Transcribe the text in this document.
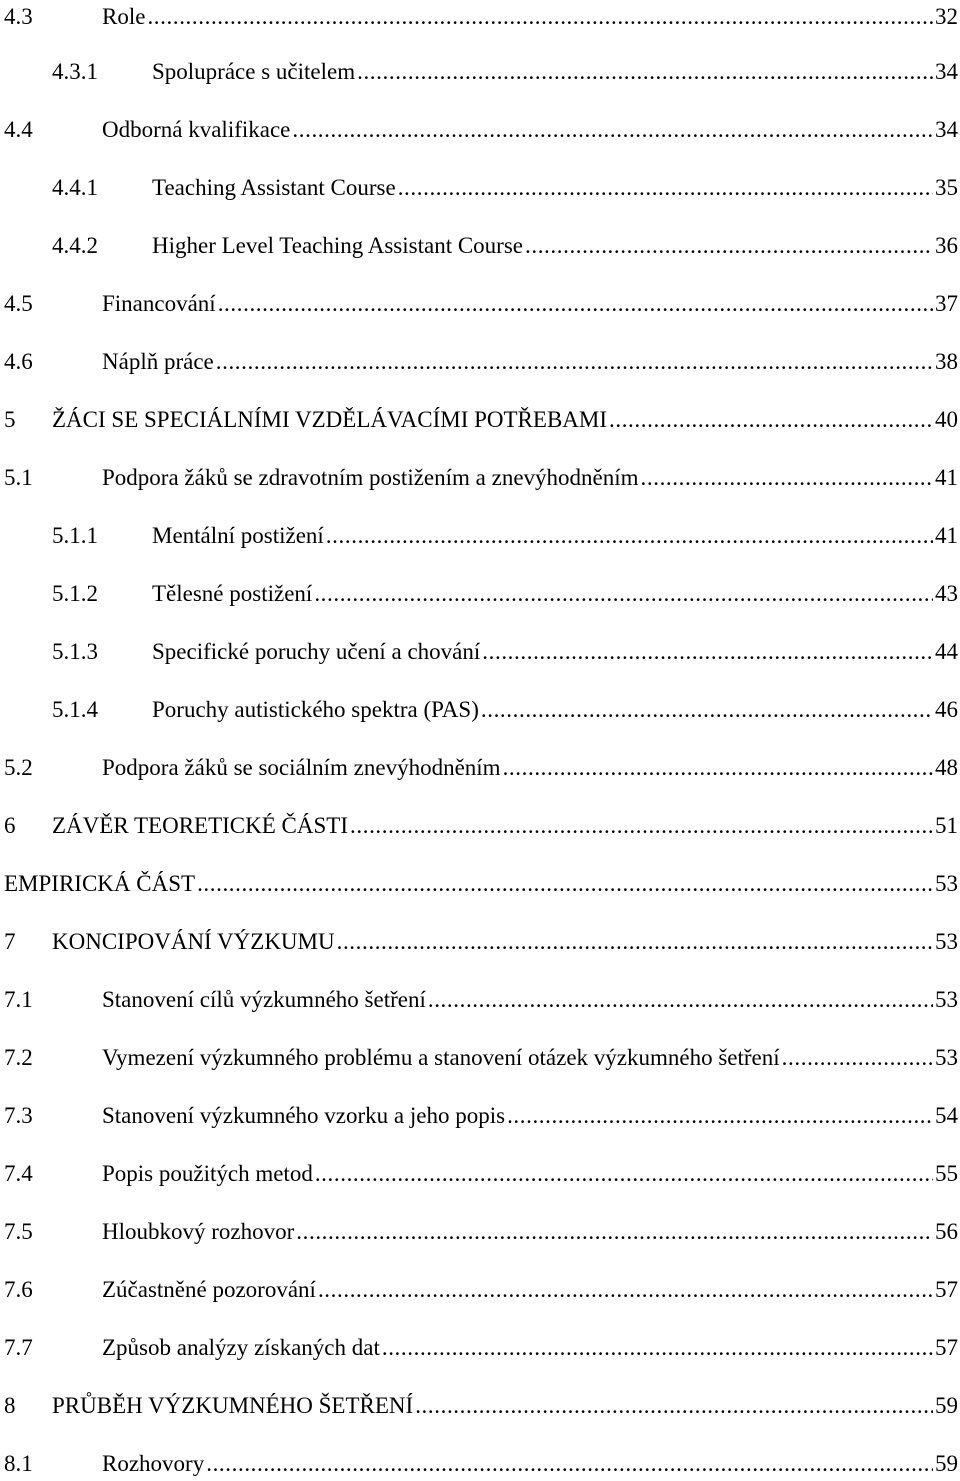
4.3	Role .....	32
4.3.1 Spolupráce s učitelem .....	34
4.4	Odborná kvalifikace .....	34
4.4.1 Teaching Assistant Course .....	35
4.4.2 Higher Level Teaching Assistant Course .....	36
4.5	Financování .....	37
4.6	Náplň práce .....	38
5 ŽÁCI SE SPECIÁLNÍMI VZDĚLÁVACÍMI POTŘEBAMI .....	40
5.1	Podpora žáků se zdravotním postižením a znevýhodněním .....	41
5.1.1 Mentální postižení .....	41
5.1.2 Tělesné postižení .....	43
5.1.3 Specifické poruchy učení a chování .....	44
5.1.4 Poruchy autistického spektra (PAS) .....	46
5.2	Podpora žáků se sociálním znevýhodněním .....	48
6 ZÁVĚR TEORETICKÉ ČÁSTI .....	51
EMPIRICKÁ ČÁST .....	53
7 KONCIPOVÁNÍ VÝZKUMU .....	53
7.1	Stanovení cílů výzkumného šetření .....	53
7.2	Vymezení výzkumného problému a stanovení otázek výzkumného šetření .....	53
7.3	Stanovení výzkumného vzorku a jeho popis .....	54
7.4	Popis použitých metod .....	55
7.5	Hloubkový rozhovor .....	56
7.6	Zúčastněné pozorování .....	57
7.7	Způsob analýzy získaných dat .....	57
8 PRŮBĚH VÝZKUMNÉHO ŠETŘENÍ .....	59
8.1	Rozhovory .....	59
